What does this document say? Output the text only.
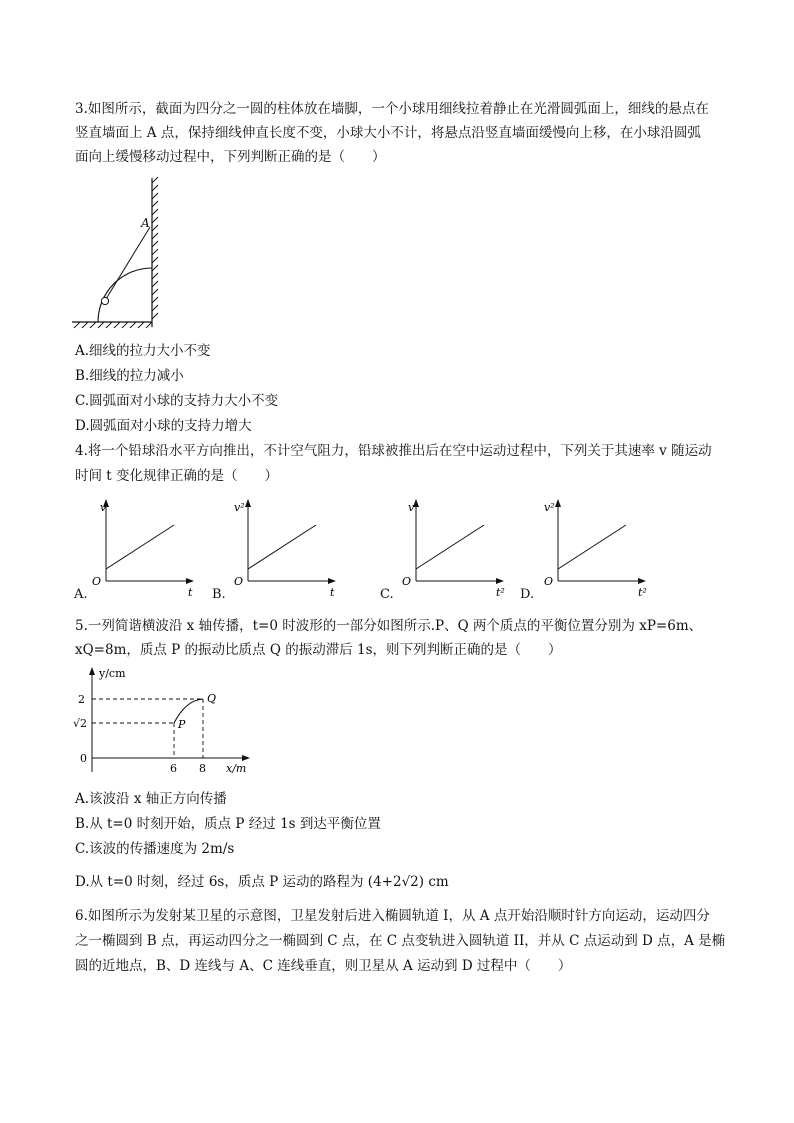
3.如图所示，截面为四分之一圆的柱体放在墙脚，一个小球用细线拉着静止在光滑圆弧面上，细线的悬点在
竖直墙面上 A 点，保持细线伸直长度不变，小球大小不计，将悬点沿竖直墙面缓慢向上移，在小球沿圆弧
面向上缓慢移动过程中，下列判断正确的是（　　）
A
A.细线的拉力大小不变
B.细线的拉力减小
C.圆弧面对小球的支持力大小不变
D.圆弧面对小球的支持力增大
4.将一个铅球沿水平方向推出，不计空气阻力，铅球被推出后在空中运动过程中，下列关于其速率 v 随运动
时间 t 变化规律正确的是（　　）
v
O
t
A.
v²
O
t
B.
v
O
t²
C.
v²
O
t²
D.
5.一列简谐横波沿 x 轴传播，t=0 时波形的一部分如图所示.P、Q 两个质点的平衡位置分别为 xP=6m、
xQ=8m，质点 P 的振动比质点 Q 的振动滞后 1s，则下列判断正确的是（　　）
y/cm
2
√2
0
6 8 x/m
P
Q
A.该波沿 x 轴正方向传播
B.从 t=0 时刻开始，质点 P 经过 1s 到达平衡位置
C.该波的传播速度为 2m/s
D.从 t=0 时刻，经过 6s，质点 P 运动的路程为 (4+2√2) cm
6.如图所示为发射某卫星的示意图，卫星发射后进入椭圆轨道 I，从 A 点开始沿顺时针方向运动，运动四分
之一椭圆到 B 点，再运动四分之一椭圆到 C 点，在 C 点变轨进入圆轨道 II，并从 C 点运动到 D 点，A 是椭
圆的近地点，B、D 连线与 A、C 连线垂直，则卫星从 A 运动到 D 过程中（　　）
